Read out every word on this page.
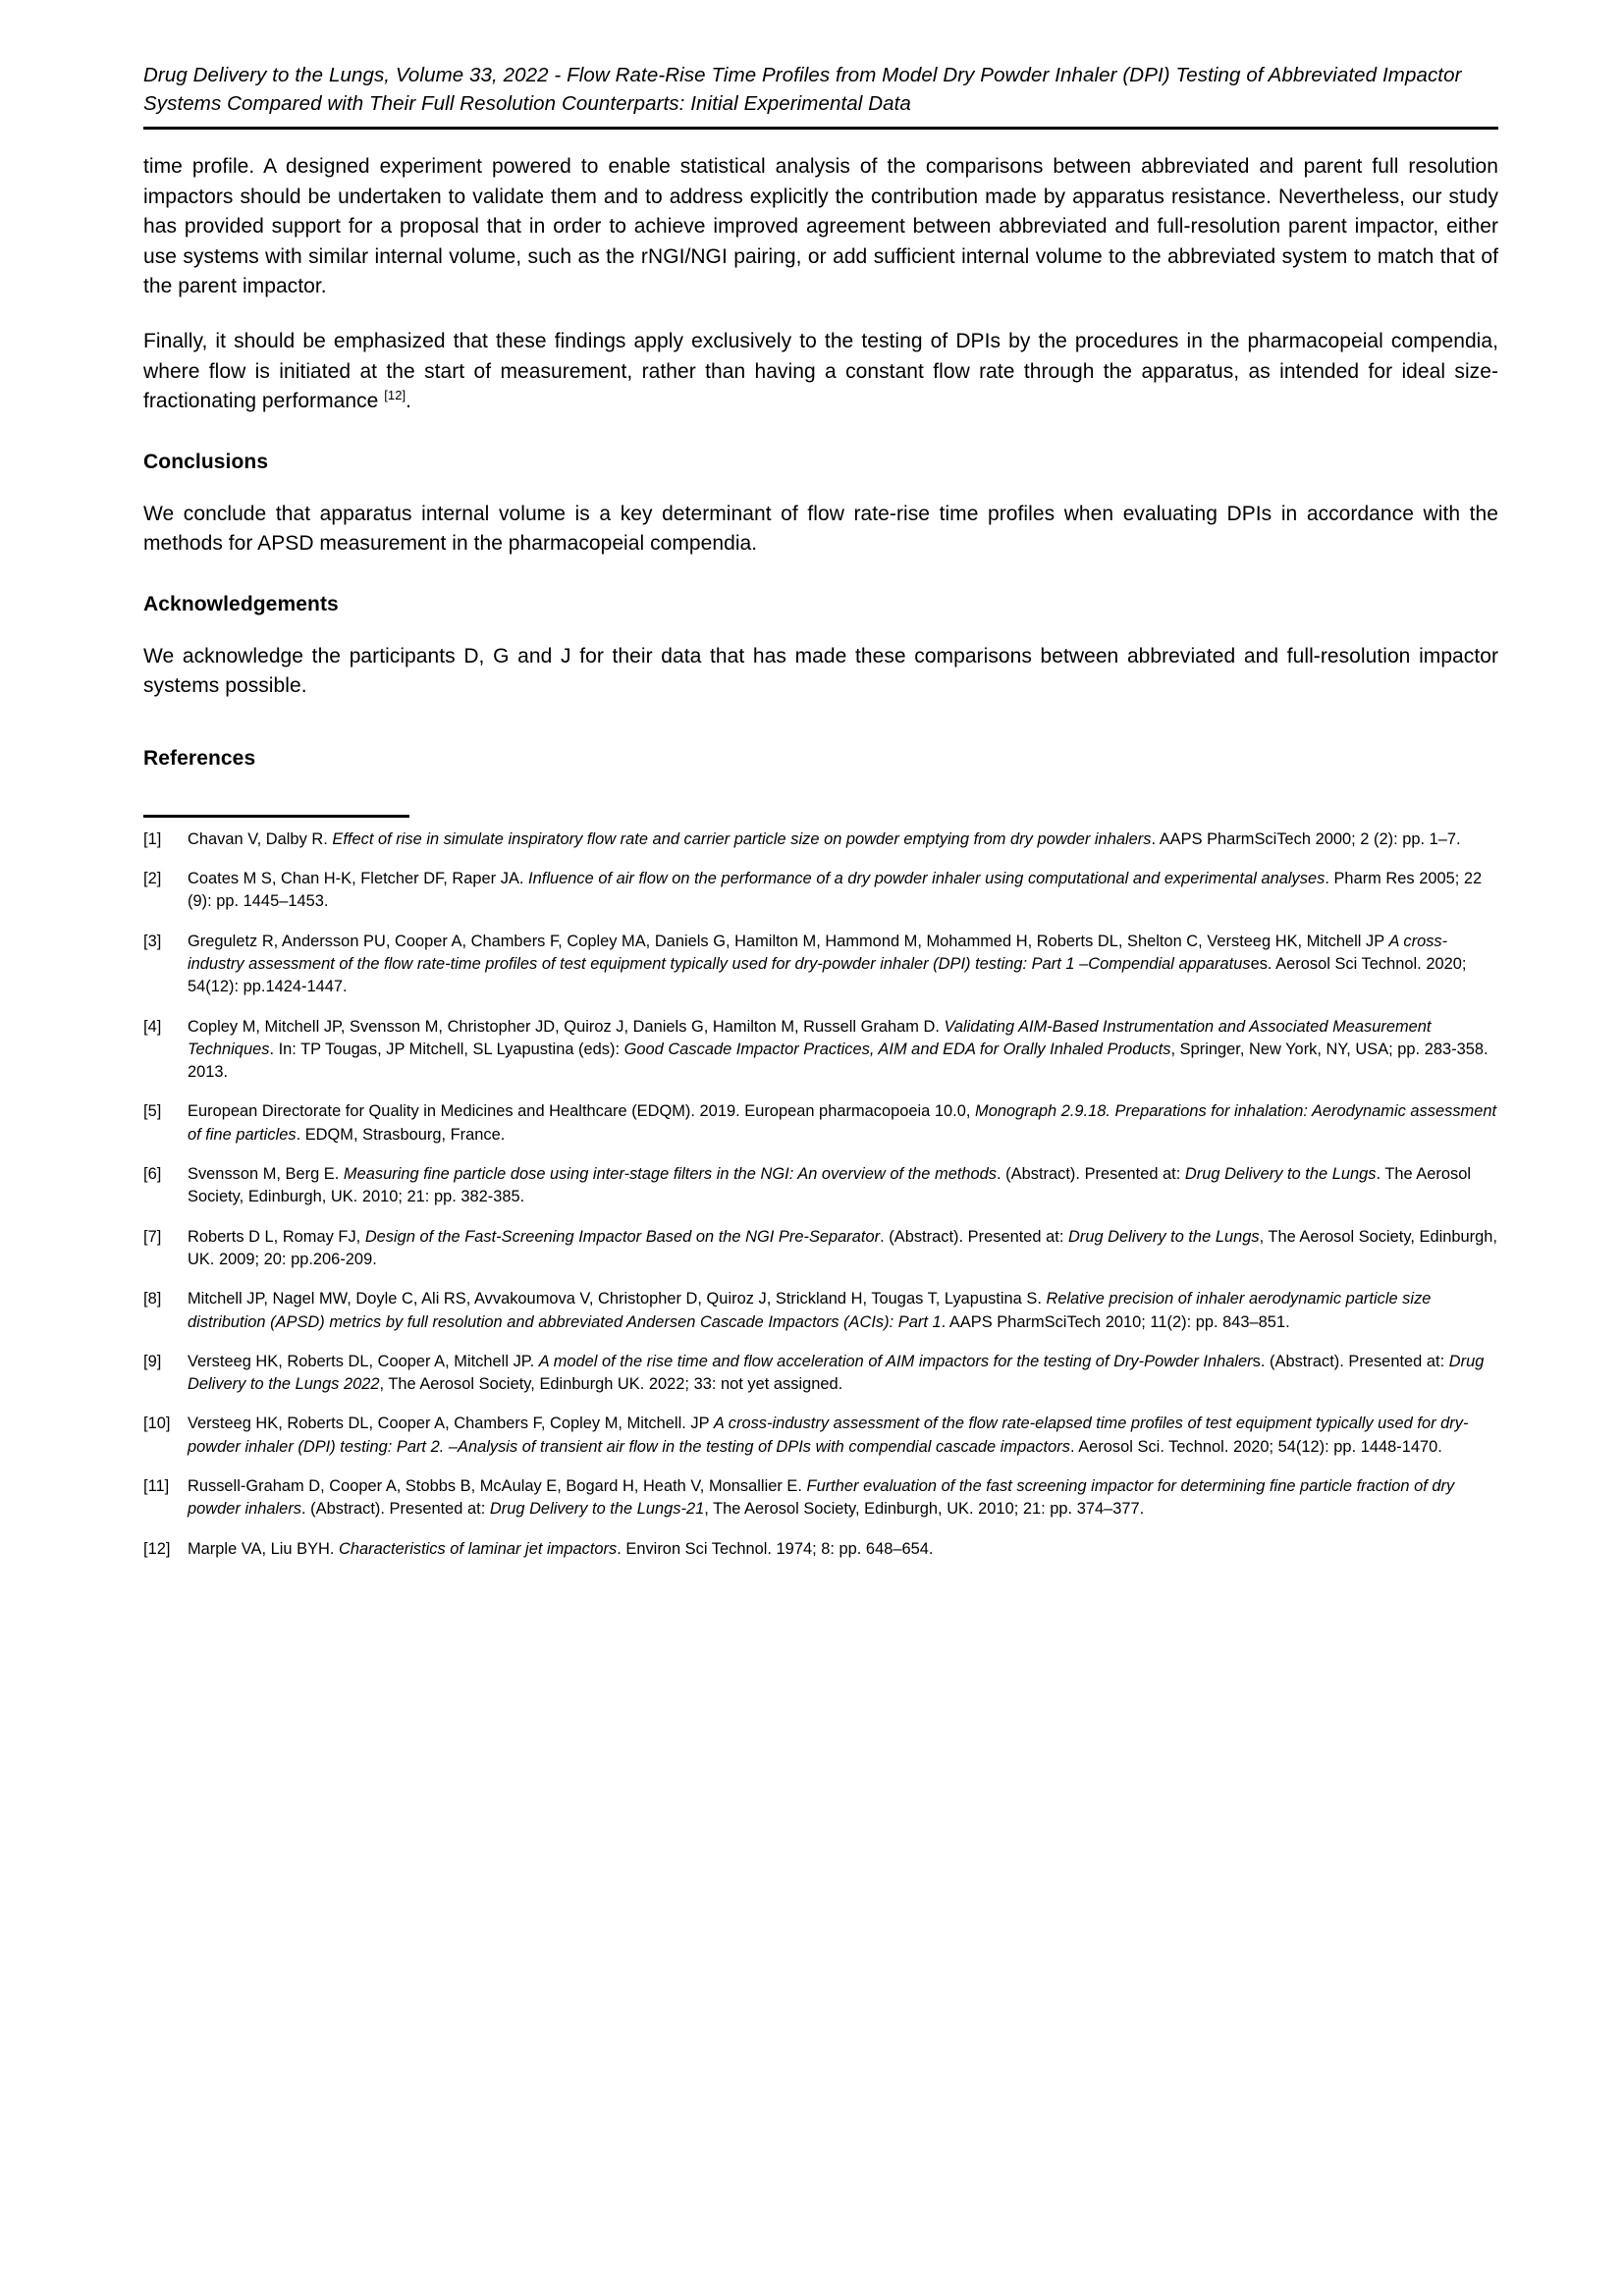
Drug Delivery to the Lungs, Volume 33, 2022 - Flow Rate-Rise Time Profiles from Model Dry Powder Inhaler (DPI) Testing of Abbreviated Impactor Systems Compared with Their Full Resolution Counterparts: Initial Experimental Data

time profile. A designed experiment powered to enable statistical analysis of the comparisons between abbreviated and parent full resolution impactors should be undertaken to validate them and to address explicitly the contribution made by apparatus resistance. Nevertheless, our study has provided support for a proposal that in order to achieve improved agreement between abbreviated and full-resolution parent impactor, either use systems with similar internal volume, such as the rNGI/NGI pairing, or add sufficient internal volume to the abbreviated system to match that of the parent impactor.

Finally, it should be emphasized that these findings apply exclusively to the testing of DPIs by the procedures in the pharmacopeial compendia, where flow is initiated at the start of measurement, rather than having a constant flow rate through the apparatus, as intended for ideal size-fractionating performance [12].

Conclusions

We conclude that apparatus internal volume is a key determinant of flow rate-rise time profiles when evaluating DPIs in accordance with the methods for APSD measurement in the pharmacopeial compendia.

Acknowledgements

We acknowledge the participants D, G and J for their data that has made these comparisons between abbreviated and full-resolution impactor systems possible.

References
[1]	Chavan V, Dalby R. Effect of rise in simulate inspiratory flow rate and carrier particle size on powder emptying from dry powder inhalers. AAPS PharmSciTech 2000; 2 (2): pp. 1–7.
[2]	Coates M S, Chan H-K, Fletcher DF, Raper JA. Influence of air flow on the performance of a dry powder inhaler using computational and experimental analyses. Pharm Res 2005; 22 (9): pp. 1445–1453.
[3]	Greguletz R, Andersson PU, Cooper A, Chambers F, Copley MA, Daniels G, Hamilton M, Hammond M, Mohammed H, Roberts DL, Shelton C, Versteeg HK, Mitchell JP A cross-industry assessment of the flow rate-time profiles of test equipment typically used for dry-powder inhaler (DPI) testing: Part 1 –Compendial apparatuses. Aerosol Sci Technol. 2020; 54(12): pp.1424-1447.
[4]	Copley M, Mitchell JP, Svensson M, Christopher JD, Quiroz J, Daniels G, Hamilton M, Russell Graham D. Validating AIM-Based Instrumentation and Associated Measurement Techniques. In: TP Tougas, JP Mitchell, SL Lyapustina (eds): Good Cascade Impactor Practices, AIM and EDA for Orally Inhaled Products, Springer, New York, NY, USA; pp. 283-358. 2013.
[5]	European Directorate for Quality in Medicines and Healthcare (EDQM). 2019. European pharmacopoeia 10.0, Monograph 2.9.18. Preparations for inhalation: Aerodynamic assessment of fine particles. EDQM, Strasbourg, France.
[6]	Svensson M, Berg E. Measuring fine particle dose using inter-stage filters in the NGI: An overview of the methods. (Abstract). Presented at: Drug Delivery to the Lungs. The Aerosol Society, Edinburgh, UK. 2010; 21: pp. 382-385.
[7]	Roberts D L, Romay FJ, Design of the Fast-Screening Impactor Based on the NGI Pre-Separator. (Abstract). Presented at: Drug Delivery to the Lungs, The Aerosol Society, Edinburgh, UK. 2009; 20: pp.206-209.
[8]	Mitchell JP, Nagel MW, Doyle C, Ali RS, Avvakoumova V, Christopher D, Quiroz J, Strickland H, Tougas T, Lyapustina S. Relative precision of inhaler aerodynamic particle size distribution (APSD) metrics by full resolution and abbreviated Andersen Cascade Impactors (ACIs): Part 1. AAPS PharmSciTech 2010; 11(2): pp. 843–851.
[9]	Versteeg HK, Roberts DL, Cooper A, Mitchell JP. A model of the rise time and flow acceleration of AIM impactors for the testing of Dry-Powder Inhalers. (Abstract). Presented at: Drug Delivery to the Lungs 2022, The Aerosol Society, Edinburgh UK. 2022; 33: not yet assigned.
[10]	Versteeg HK, Roberts DL, Cooper A, Chambers F, Copley M, Mitchell. JP A cross-industry assessment of the flow rate-elapsed time profiles of test equipment typically used for dry-powder inhaler (DPI) testing: Part 2. –Analysis of transient air flow in the testing of DPIs with compendial cascade impactors. Aerosol Sci. Technol. 2020; 54(12): pp. 1448-1470.
[11]	Russell-Graham D, Cooper A, Stobbs B, McAulay E, Bogard H, Heath V, Monsallier E. Further evaluation of the fast screening impactor for determining fine particle fraction of dry powder inhalers. (Abstract). Presented at: Drug Delivery to the Lungs-21, The Aerosol Society, Edinburgh, UK. 2010; 21: pp. 374–377.
[12]	Marple VA, Liu BYH. Characteristics of laminar jet impactors. Environ Sci Technol. 1974; 8: pp. 648–654.
